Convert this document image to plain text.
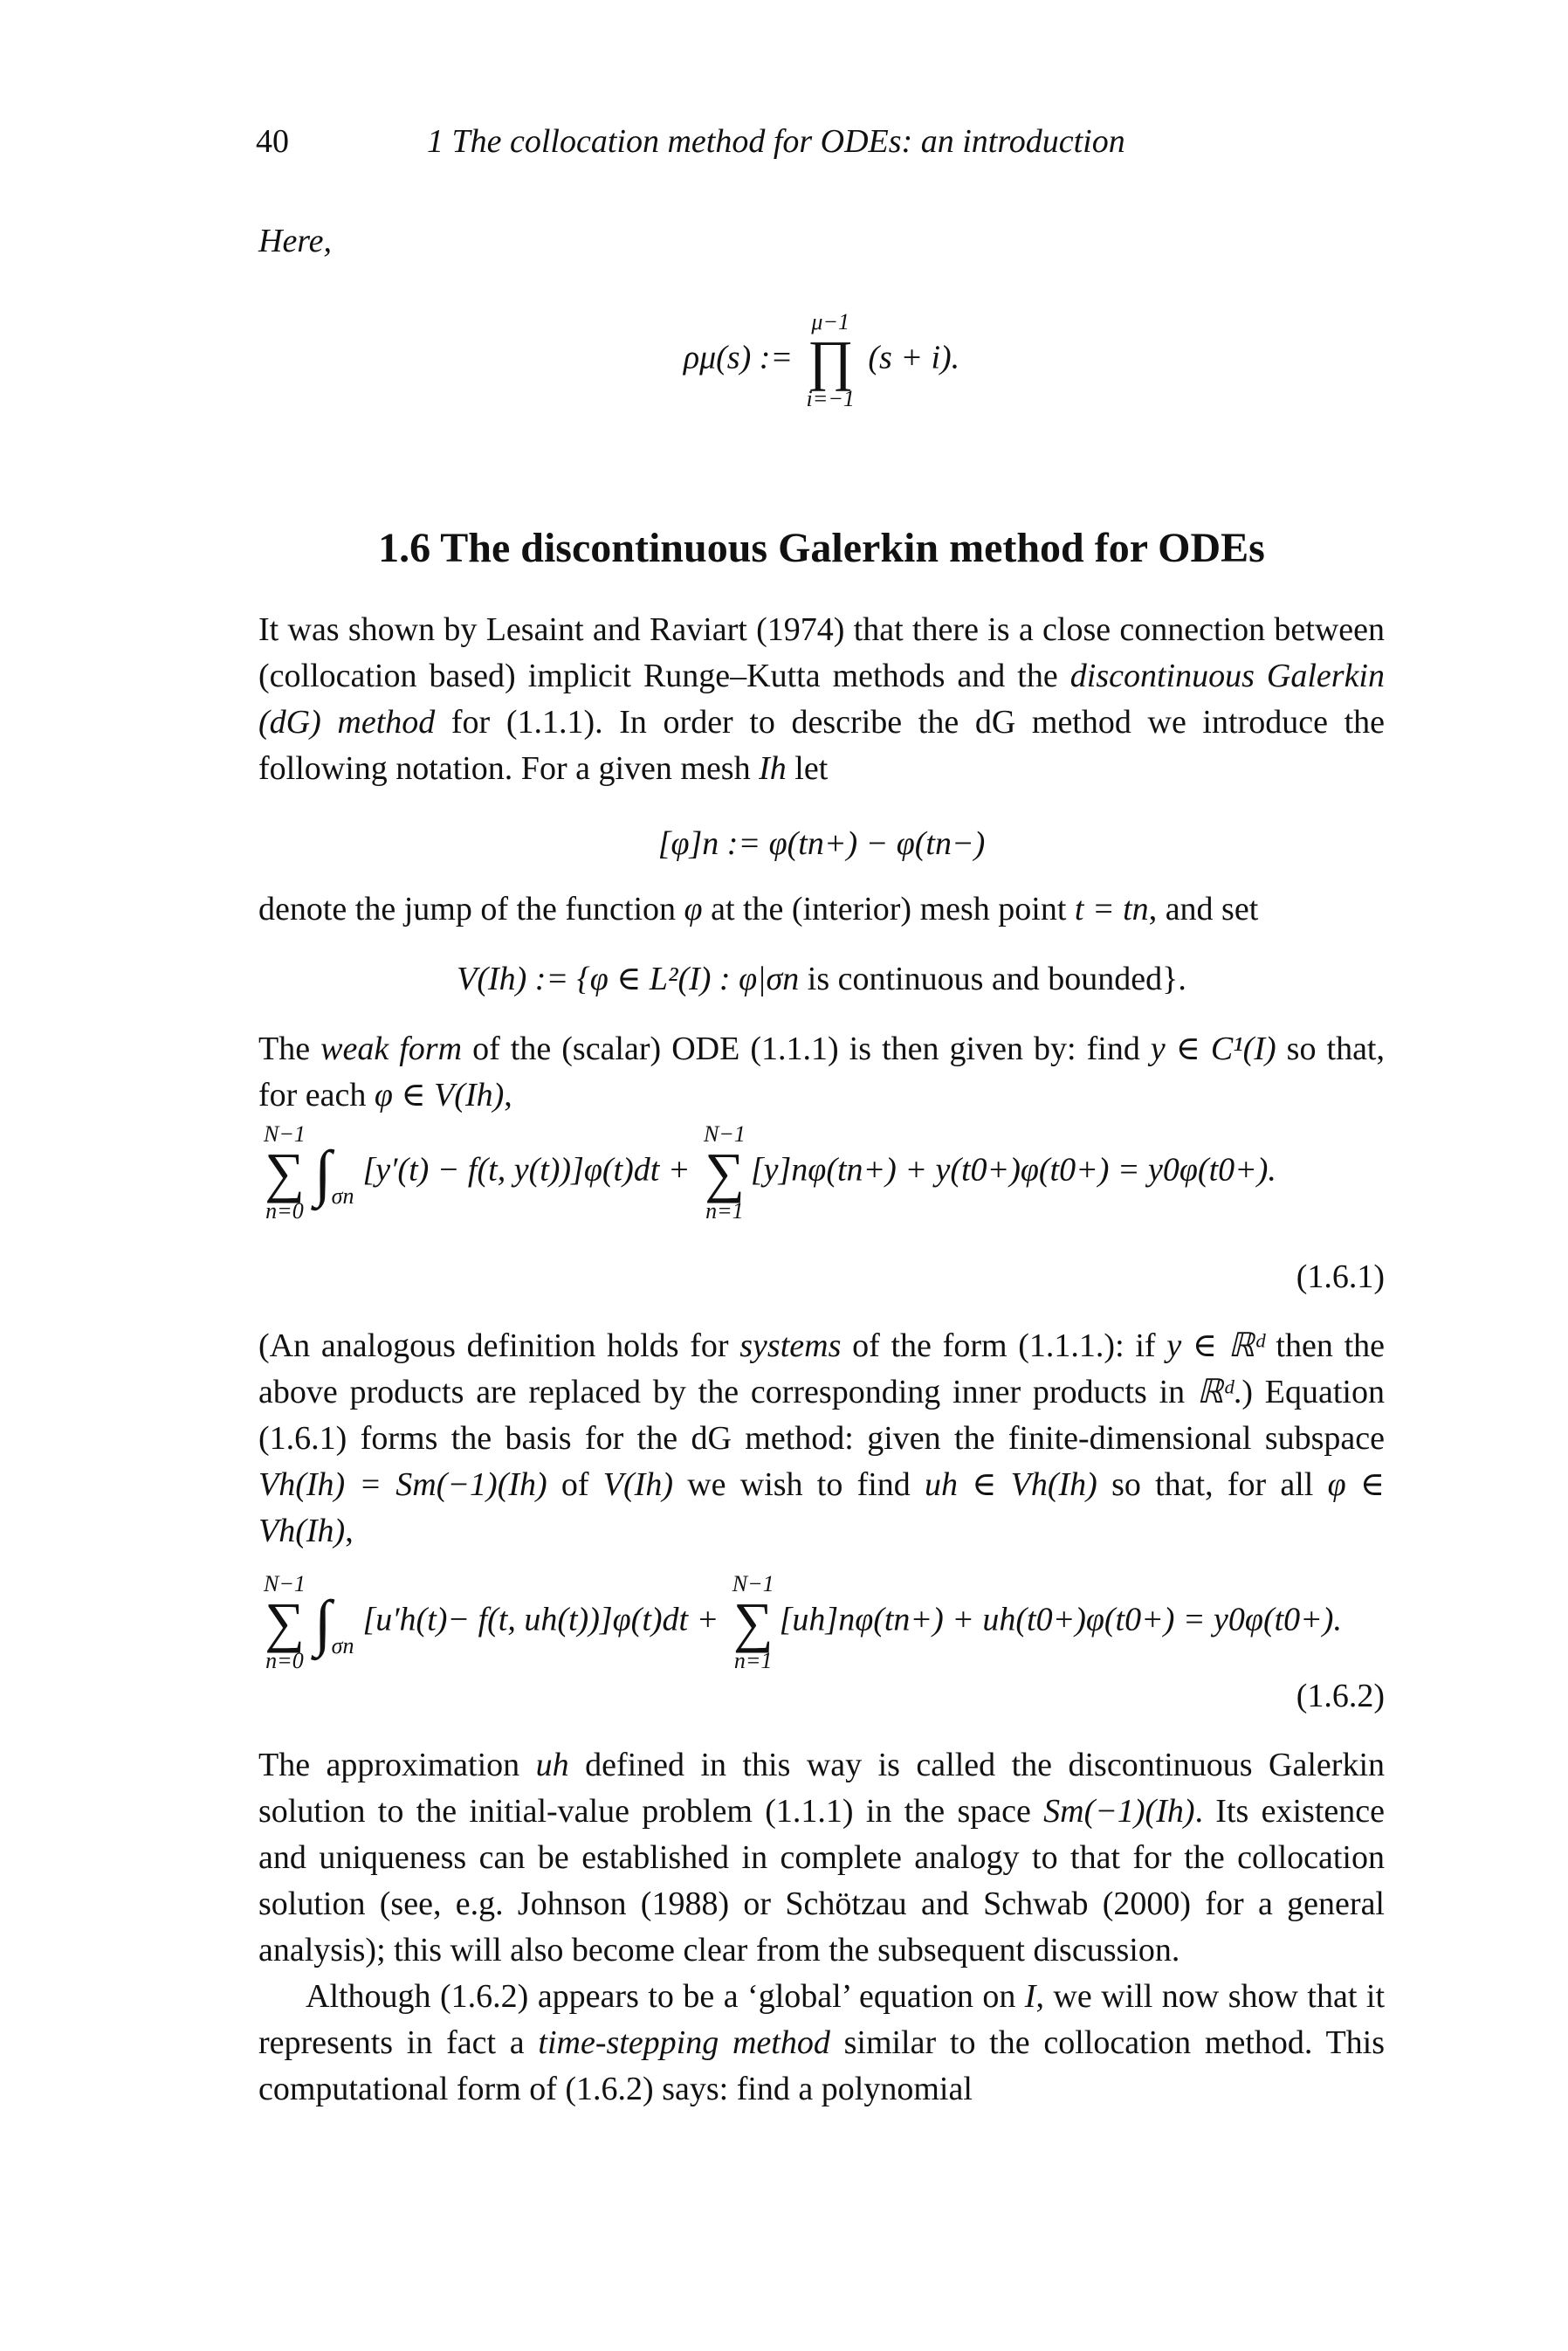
40	1 The collocation method for ODEs: an introduction

Here,

ρμ(s) :=
μ−1
∏
i=−1
(s + i).
1.6 The discontinuous Galerkin method for ODEs

It was shown by Lesaint and Raviart (1974) that there is a close connection between (collocation based) implicit Runge–Kutta methods and the discontinuous Galerkin (dG) method for (1.1.1). In order to describe the dG method we introduce the following notation. For a given mesh Ih let

[φ]n := φ(tn+) − φ(tn−)

denote the jump of the function φ at the (interior) mesh point t = tn, and set

V(Ih) := {φ ∈ L²(I) : φ|σn is continuous and bounded}.

The weak form of the (scalar) ODE (1.1.1) is then given by: find y ∈ C¹(I) so that, for each φ ∈ V(Ih),

N−1
∑
n=0
$\int_{\sigma n}[y'(t) - f(t$, y(t))]φ(t)dt +
N−1
∑
n=1
[y]nφ(tn+) + y(t0+)φ(t0+) = y0φ(t0+).
(1.6.1)

(An analogous definition holds for systems of the form (1.1.1.): if y ∈ ℝᵈ then the above products are replaced by the corresponding inner products in ℝᵈ.) Equation (1.6.1) forms the basis for the dG method: given the finite-dimensional subspace Vh(Ih) = Sm(−1)(Ih) of V(Ih) we wish to find uh ∈ Vh(Ih) so that, for all φ ∈ Vh(Ih),

N−1
∑
n=0
$\int_{\sigma n}[u'h(t)- f(t$, uh(t))]φ(t)dt +
N−1
∑
n=1
[uh]nφ(tn+) + uh(t0+)φ(t0+) = y0φ(t0+).
(1.6.2)

The approximation uh defined in this way is called the discontinuous Galerkin solution to the initial-value problem (1.1.1) in the space Sm(−1)(Ih). Its existence and uniqueness can be established in complete analogy to that for the collocation solution (see, e.g. Johnson (1988) or Schötzau and Schwab (2000) for a general analysis); this will also become clear from the subsequent discussion.

Although (1.6.2) appears to be a ‘global’ equation on I, we will now show that it represents in fact a time-stepping method similar to the collocation method. This computational form of (1.6.2) says: find a polynomial
